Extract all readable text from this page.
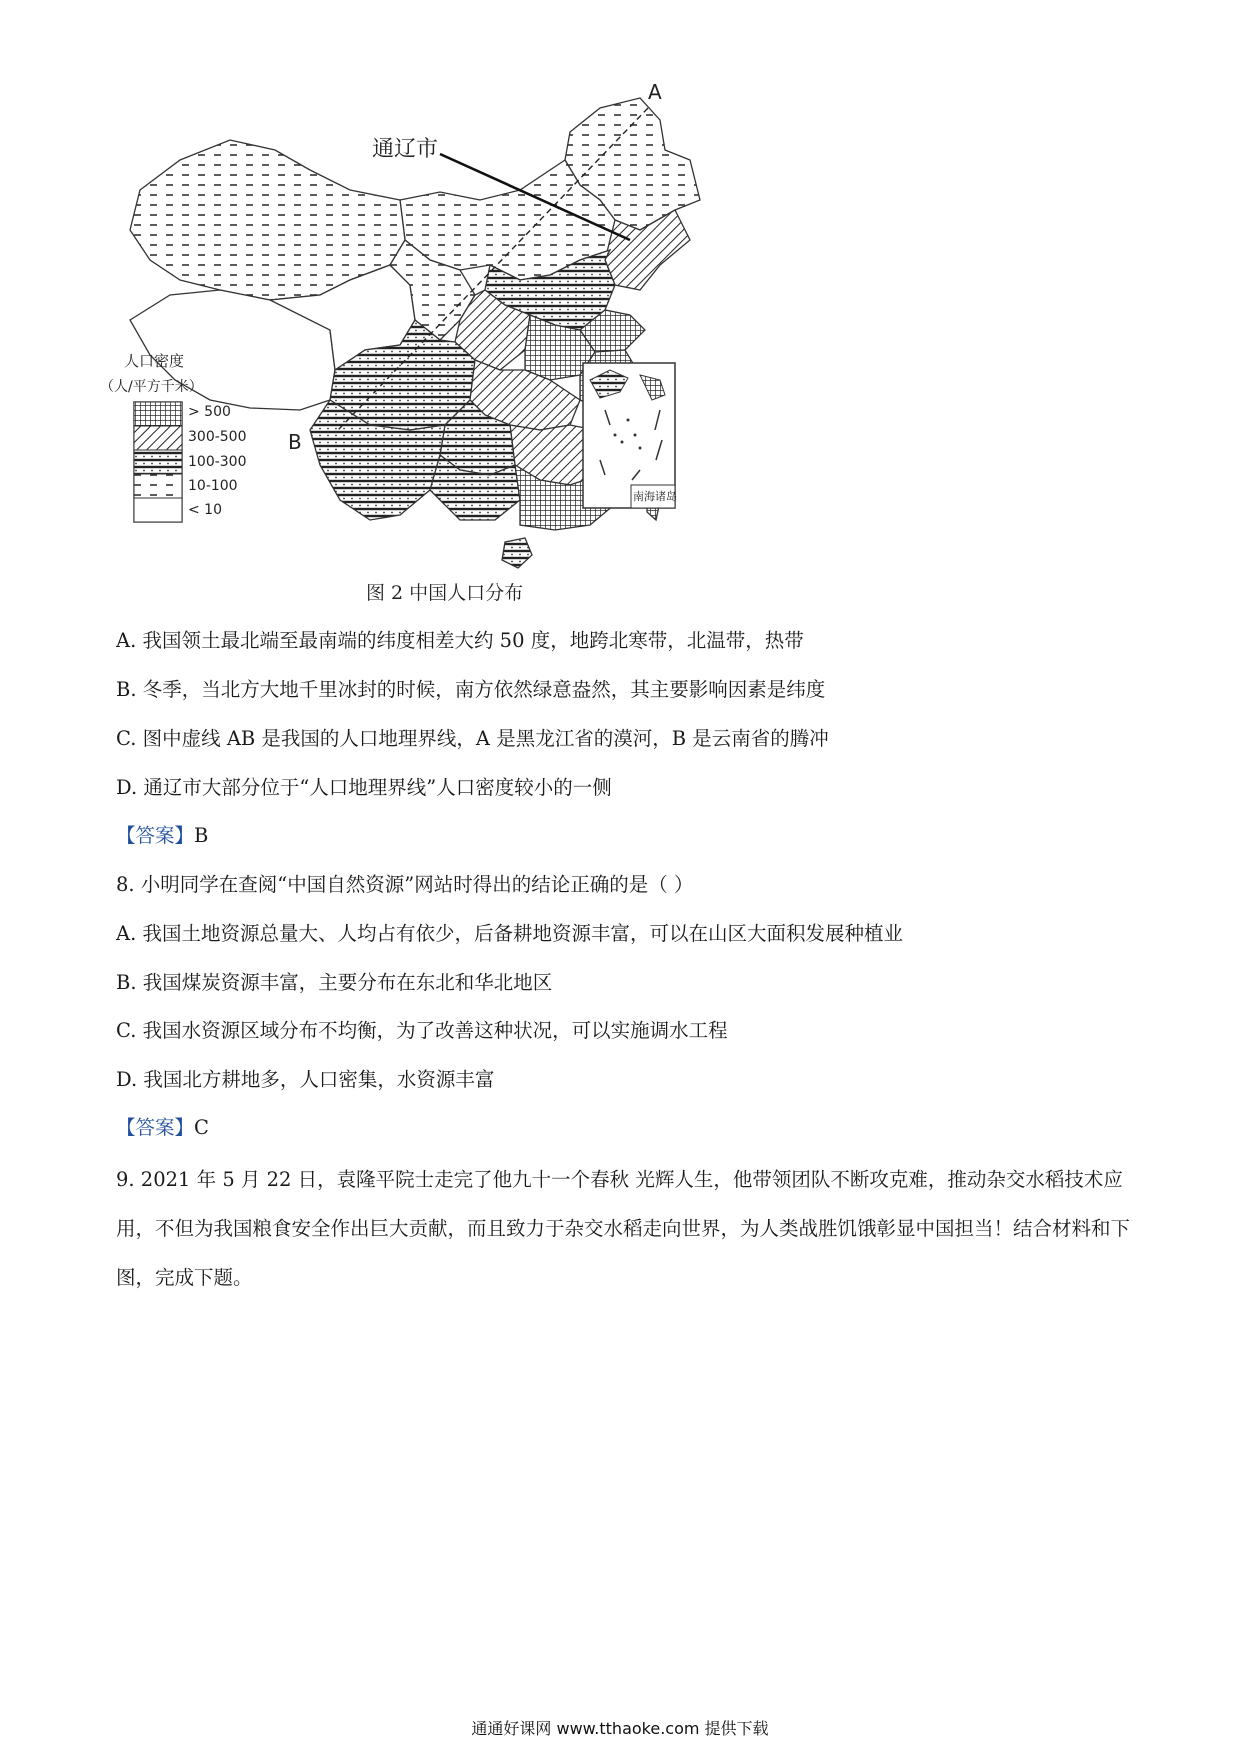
通辽市
A
B
南海诸岛
人口密度
（人/平方千米）
> 500
300-500
100-300
10-100
< 10
图 2 中国人口分布
A. 我国领土最北端至最南端的纬度相差大约 50 度，地跨北寒带，北温带，热带
B. 冬季，当北方大地千里冰封的时候，南方依然绿意盎然，其主要影响因素是纬度
C. 图中虚线 AB 是我国的人口地理界线，A 是黑龙江省的漠河，B 是云南省的腾冲
D. 通辽市大部分位于“人口地理界线”人口密度较小的一侧
【答案】B
8. 小明同学在查阅“中国自然资源”网站时得出的结论正确的是（ ）
A. 我国土地资源总量大、人均占有依少，后备耕地资源丰富，可以在山区大面积发展种植业
B. 我国煤炭资源丰富，主要分布在东北和华北地区
C. 我国水资源区域分布不均衡，为了改善这种状况，可以实施调水工程
D. 我国北方耕地多，人口密集，水资源丰富
【答案】C
9. 2021 年 5 月 22 日，袁隆平院士走完了他九十一个春秋 光辉人生，他带领团队不断攻克难，推动杂交水稻技术应用，不但为我国粮食安全作出巨大贡献，而且致力于杂交水稻走向世界，为人类战胜饥饿彰显中国担当！结合材料和下图，完成下题。
通通好课网 www.tthaoke.com 提供下载
